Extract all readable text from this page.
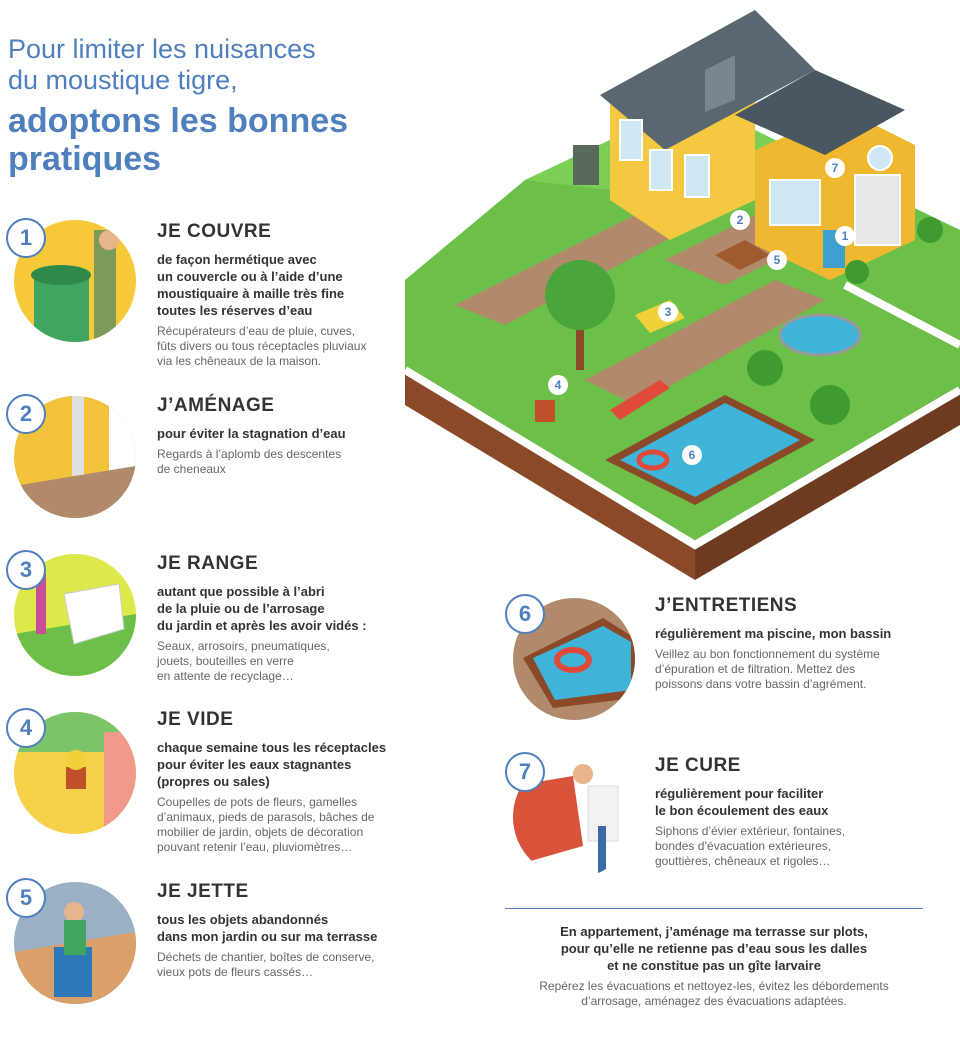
Pour limiter les nuisances
du moustique tigre,
adoptons les bonnes
pratiques
1
2
3
4
5
6
7
1	JE COUVRE
de façon hermétique avec
un couvercle ou à l’aide d’une
moustiquaire à maille très fine
toutes les réserves d’eau
Récupérateurs d’eau de pluie, cuves,
fûts divers ou tous réceptacles pluviaux
via les chêneaux de la maison.
2	J’AMÉNAGE
pour éviter la stagnation d’eau
Regards à l’aplomb des descentes
de cheneaux
3	JE RANGE
autant que possible à l’abri
de la pluie ou de l’arrosage
du jardin et après les avoir vidés :
Seaux, arrosoirs, pneumatiques,
jouets, bouteilles en verre
en attente de recyclage…
4	JE VIDE
chaque semaine tous les réceptacles
pour éviter les eaux stagnantes
(propres ou sales)
Coupelles de pots de fleurs, gamelles
d’animaux, pieds de parasols, bâches de
mobilier de jardin, objets de décoration
pouvant retenir l’eau, pluviomètres…
5	JE JETTE
tous les objets abandonnés
dans mon jardin ou sur ma terrasse
Déchets de chantier, boîtes de conserve,
vieux pots de fleurs cassés…
6	J’ENTRETIENS
régulièrement ma piscine, mon bassin
Veillez au bon fonctionnement du système
d’épuration et de filtration. Mettez des
poissons dans votre bassin d’agrément.
7	JE CURE
régulièrement pour faciliter
le bon écoulement des eaux
Siphons d’évier extérieur, fontaines,
bondes d’évacuation extérieures,
gouttières, chêneaux et rigoles…
En appartement, j’aménage ma terrasse sur plots,
pour qu’elle ne retienne pas d’eau sous les dalles
et ne constitue pas un gîte larvaire
Repérez les évacuations et nettoyez-les, évitez les débordements
d’arrosage, aménagez des évacuations adaptées.
